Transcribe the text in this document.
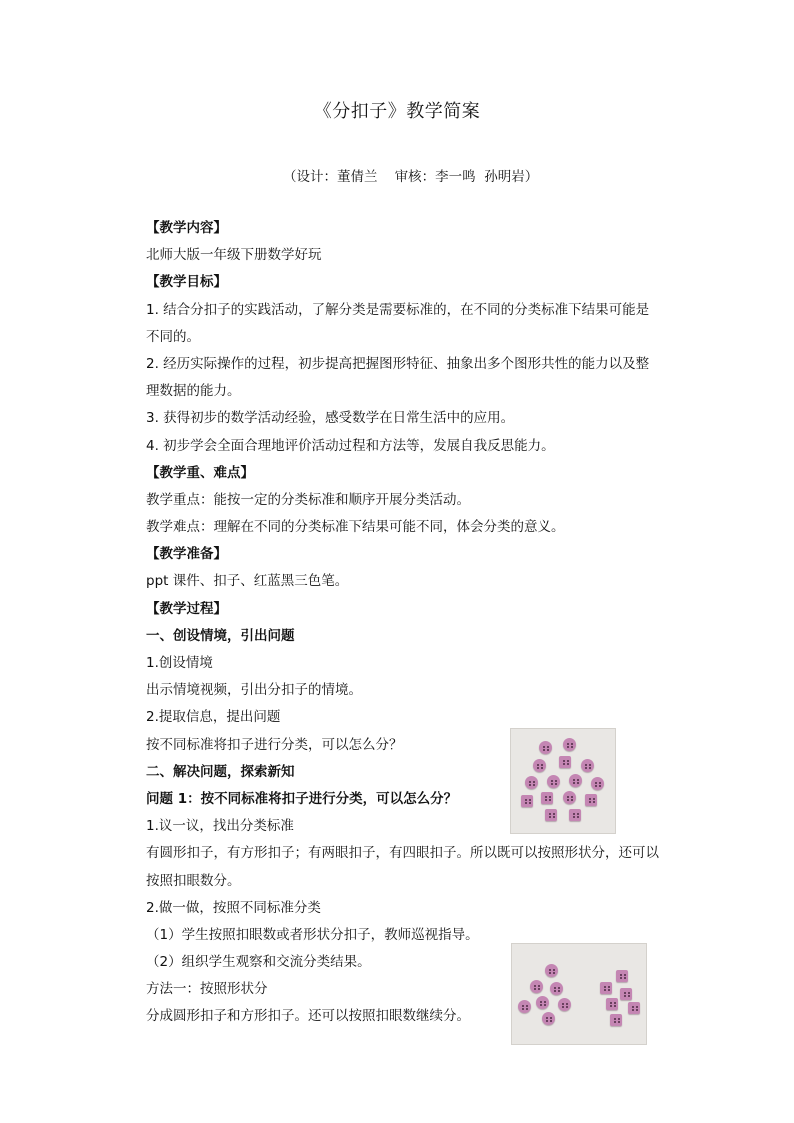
《分扣子》教学简案
（设计：董倩兰    审核：李一鸣  孙明岩）
【教学内容】
北师大版一年级下册数学好玩
【教学目标】
1. 结合分扣子的实践活动，了解分类是需要标准的，在不同的分类标准下结果可能是
不同的。
2. 经历实际操作的过程，初步提高把握图形特征、抽象出多个图形共性的能力以及整
理数据的能力。
3. 获得初步的数学活动经验，感受数学在日常生活中的应用。
4. 初步学会全面合理地评价活动过程和方法等，发展自我反思能力。
【教学重、难点】
教学重点：能按一定的分类标准和顺序开展分类活动。
教学难点：理解在不同的分类标准下结果可能不同，体会分类的意义。
【教学准备】
ppt 课件、扣子、红蓝黑三色笔。
【教学过程】
一、创设情境，引出问题
1.创设情境
出示情境视频，引出分扣子的情境。
2.提取信息，提出问题
按不同标准将扣子进行分类，可以怎么分？
二、解决问题，探索新知
问题 1：按不同标准将扣子进行分类，可以怎么分？
1.议一议，找出分类标准
有圆形扣子，有方形扣子；有两眼扣子，有四眼扣子。所以既可以按照形状分，还可以
按照扣眼数分。
2.做一做，按照不同标准分类
（1）学生按照扣眼数或者形状分扣子，教师巡视指导。
（2）组织学生观察和交流分类结果。
方法一：按照形状分
分成圆形扣子和方形扣子。还可以按照扣眼数继续分。
